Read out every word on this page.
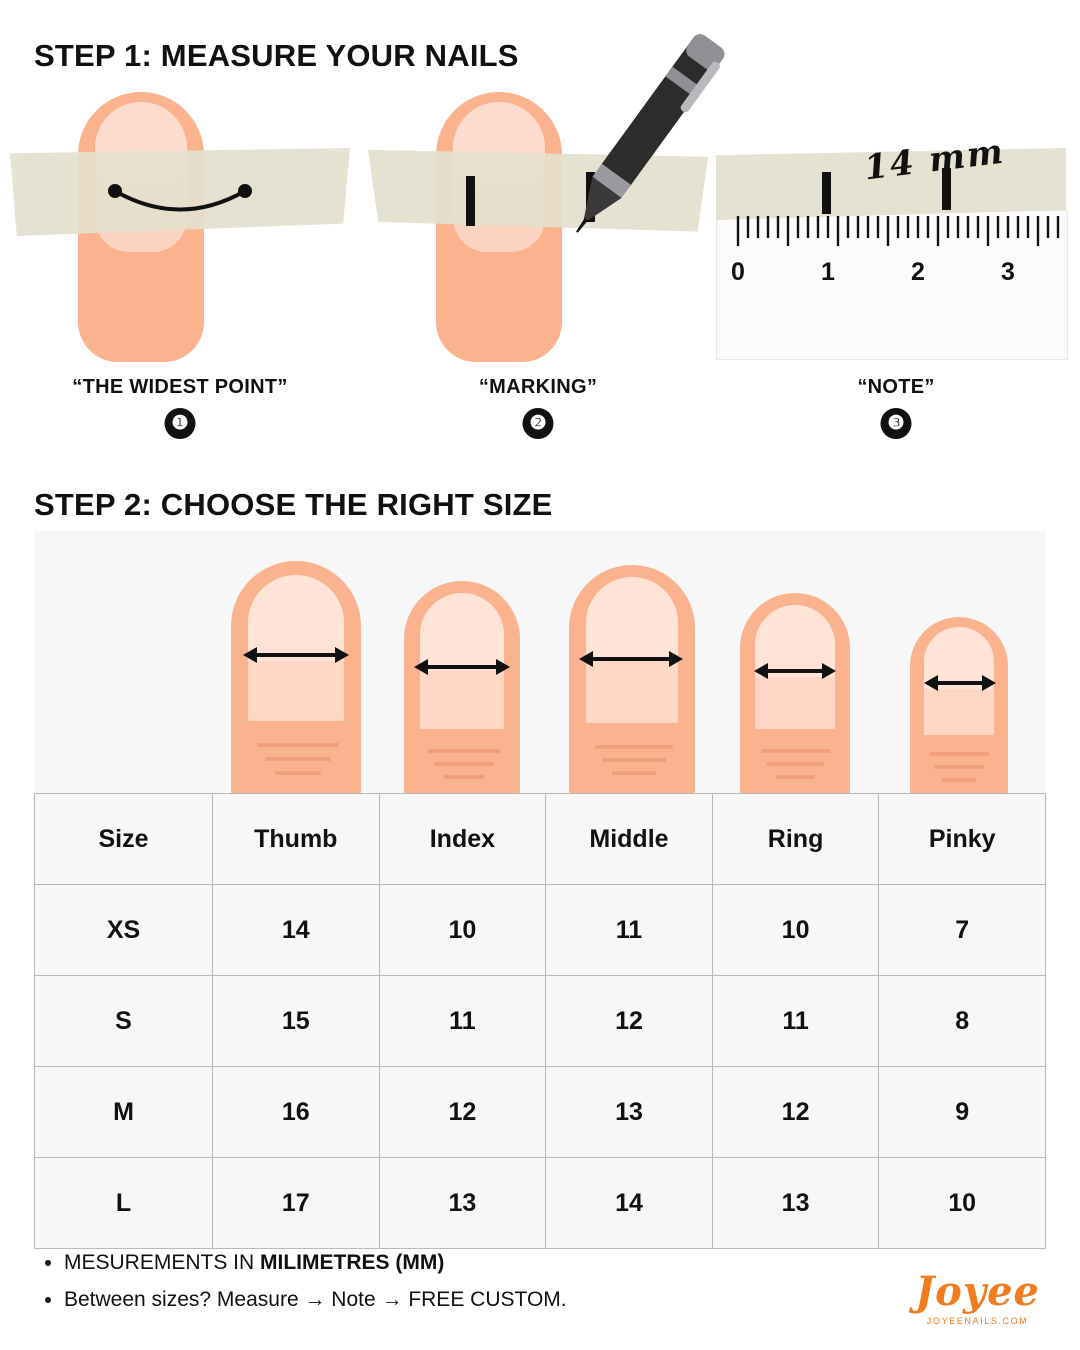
STEP 1: MEASURE YOUR NAILS
“THE WIDEST POINT”
❶
“MARKING”
❷
0	1	2	3
14 mm
“NOTE”
❸
STEP 2: CHOOSE THE RIGHT SIZE
Size	Thumb	Index	Middle	Ring	Pinky
XS	14	10	11	10	7
S	15	11	12	11	8
M	16	12	13	12	9
L	17	13	14	13	10
• MESUREMENTS IN MILIMETRES (MM)
• Between sizes? Measure → Note → FREE CUSTOM.	Joyee
JOYEENAILS.COM
